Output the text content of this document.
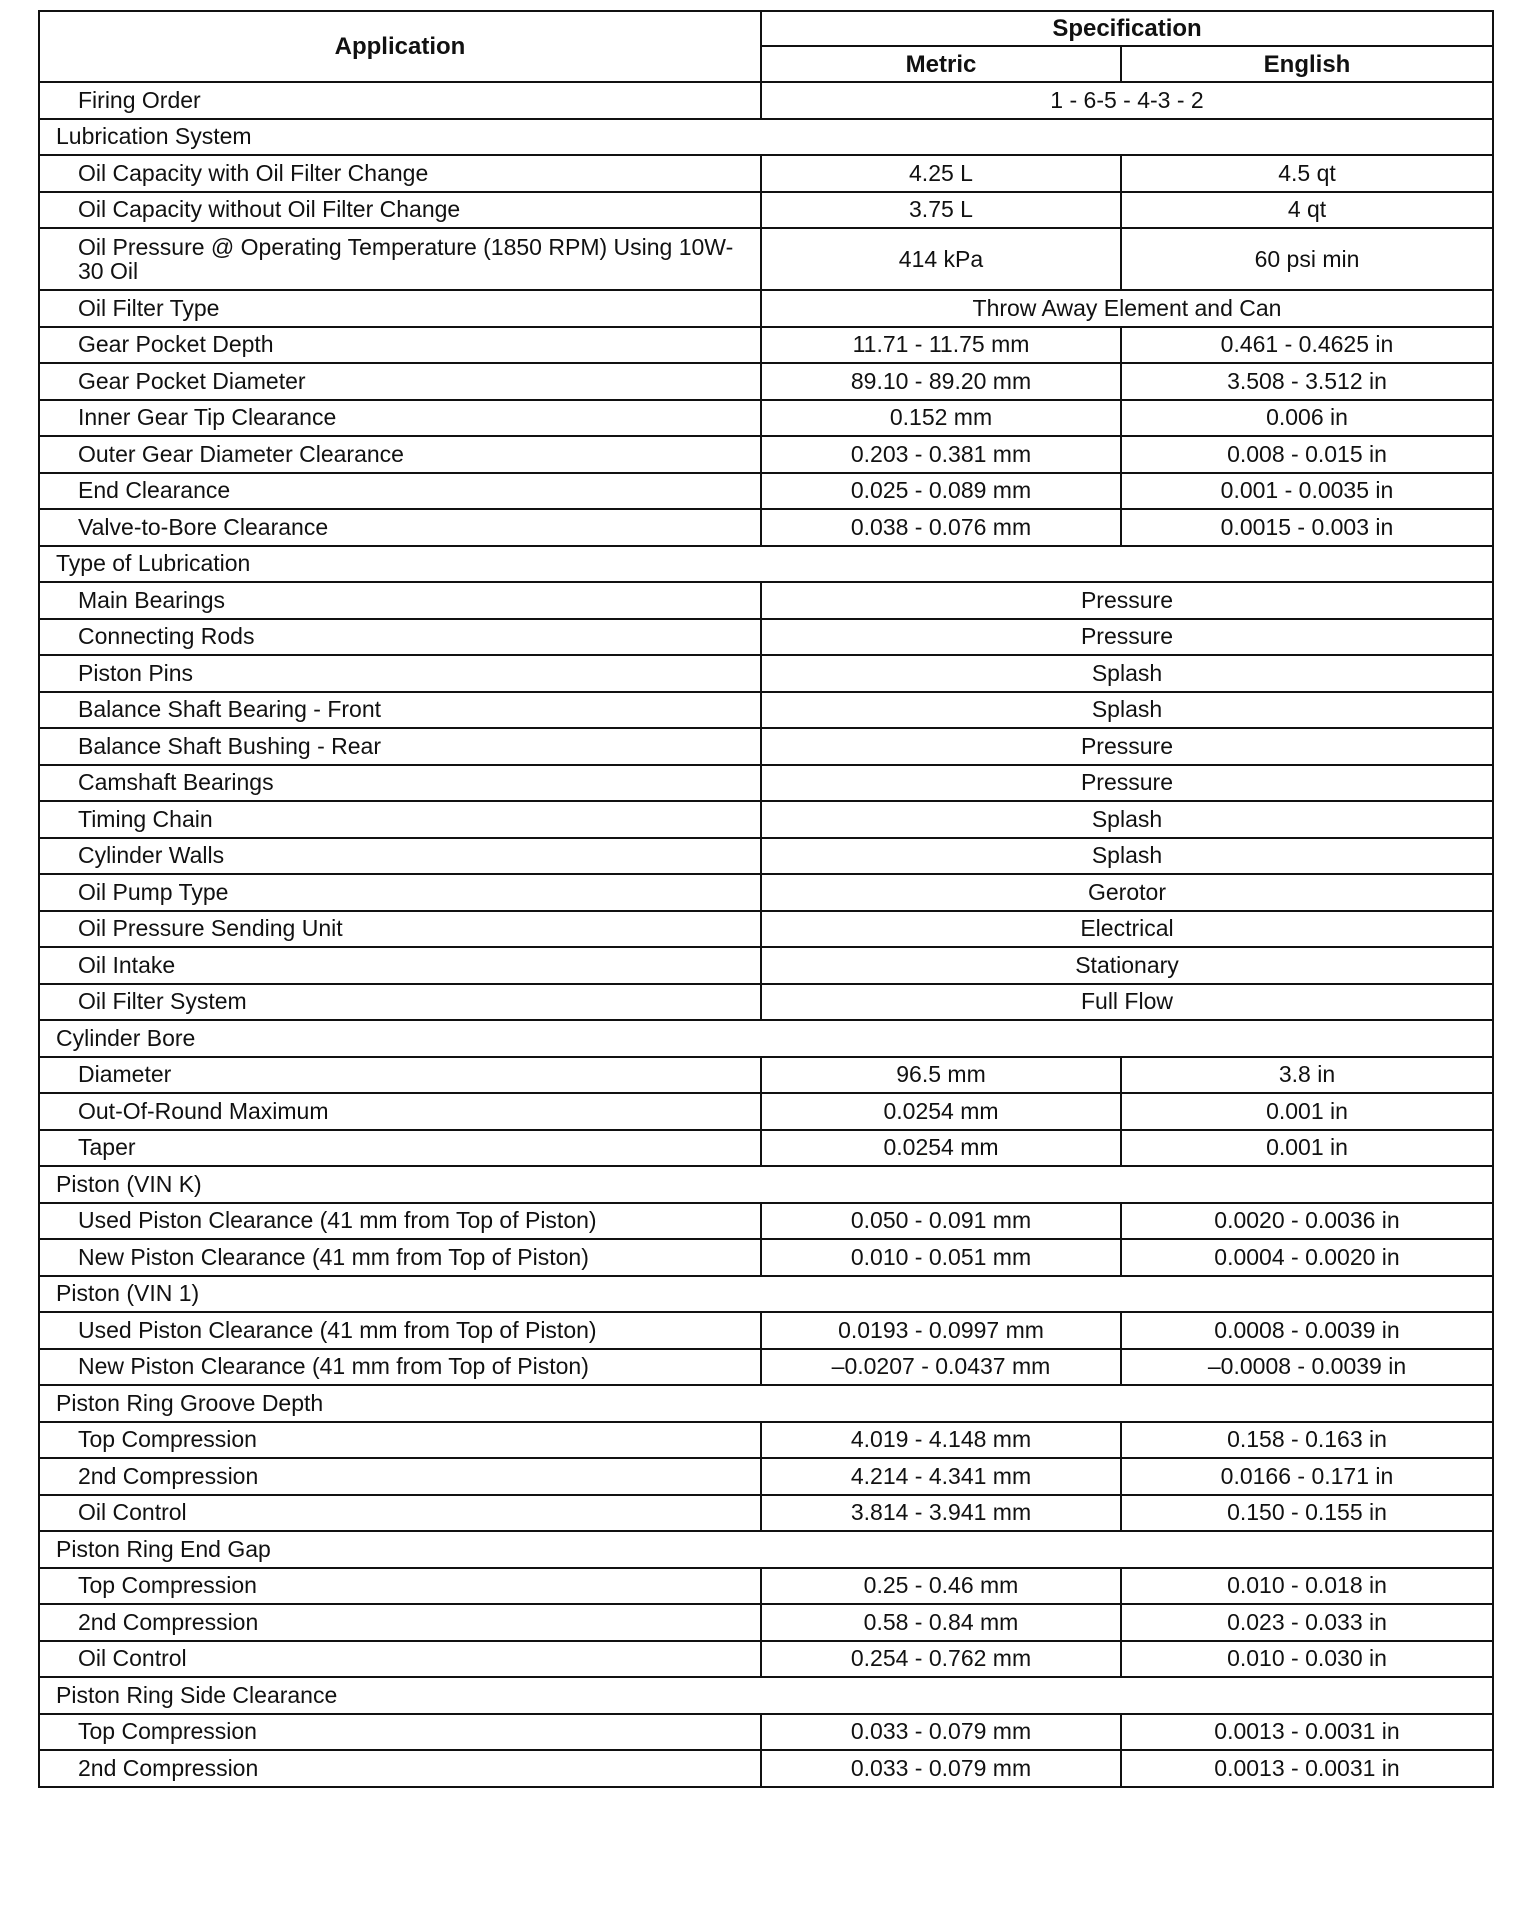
Application	Specification	
	Metric	English
Firing Order	1 - 6-5 - 4-3 - 2	
Lubrication System		
Oil Capacity with Oil Filter Change	4.25 L	4.5 qt
Oil Capacity without Oil Filter Change	3.75 L	4 qt
Oil Pressure @ Operating Temperature (1850 RPM) Using 10W-30 Oil	414 kPa	60 psi min
Oil Filter Type	Throw Away Element and Can	
Gear Pocket Depth	11.71 - 11.75 mm	0.461 - 0.4625 in
Gear Pocket Diameter	89.10 - 89.20 mm	3.508 - 3.512 in
Inner Gear Tip Clearance	0.152 mm	0.006 in
Outer Gear Diameter Clearance	0.203 - 0.381 mm	0.008 - 0.015 in
End Clearance	0.025 - 0.089 mm	0.001 - 0.0035 in
Valve-to-Bore Clearance	0.038 - 0.076 mm	0.0015 - 0.003 in
Type of Lubrication		
Main Bearings	Pressure	
Connecting Rods	Pressure	
Piston Pins	Splash	
Balance Shaft Bearing - Front	Splash	
Balance Shaft Bushing - Rear	Pressure	
Camshaft Bearings	Pressure	
Timing Chain	Splash	
Cylinder Walls	Splash	
Oil Pump Type	Gerotor	
Oil Pressure Sending Unit	Electrical	
Oil Intake	Stationary	
Oil Filter System	Full Flow	
Cylinder Bore		
Diameter	96.5 mm	3.8 in
Out-Of-Round Maximum	0.0254 mm	0.001 in
Taper	0.0254 mm	0.001 in
Piston (VIN K)		
Used Piston Clearance (41 mm from Top of Piston)	0.050 - 0.091 mm	0.0020 - 0.0036 in
New Piston Clearance (41 mm from Top of Piston)	0.010 - 0.051 mm	0.0004 - 0.0020 in
Piston (VIN 1)		
Used Piston Clearance (41 mm from Top of Piston)	0.0193 - 0.0997 mm	0.0008 - 0.0039 in
New Piston Clearance (41 mm from Top of Piston)	–0.0207 - 0.0437 mm	–0.0008 - 0.0039 in
Piston Ring Groove Depth		
Top Compression	4.019 - 4.148 mm	0.158 - 0.163 in
2nd Compression	4.214 - 4.341 mm	0.0166 - 0.171 in
Oil Control	3.814 - 3.941 mm	0.150 - 0.155 in
Piston Ring End Gap		
Top Compression	0.25 - 0.46 mm	0.010 - 0.018 in
2nd Compression	0.58 - 0.84 mm	0.023 - 0.033 in
Oil Control	0.254 - 0.762 mm	0.010 - 0.030 in
Piston Ring Side Clearance		
Top Compression	0.033 - 0.079 mm	0.0013 - 0.0031 in
2nd Compression	0.033 - 0.079 mm	0.0013 - 0.0031 in
